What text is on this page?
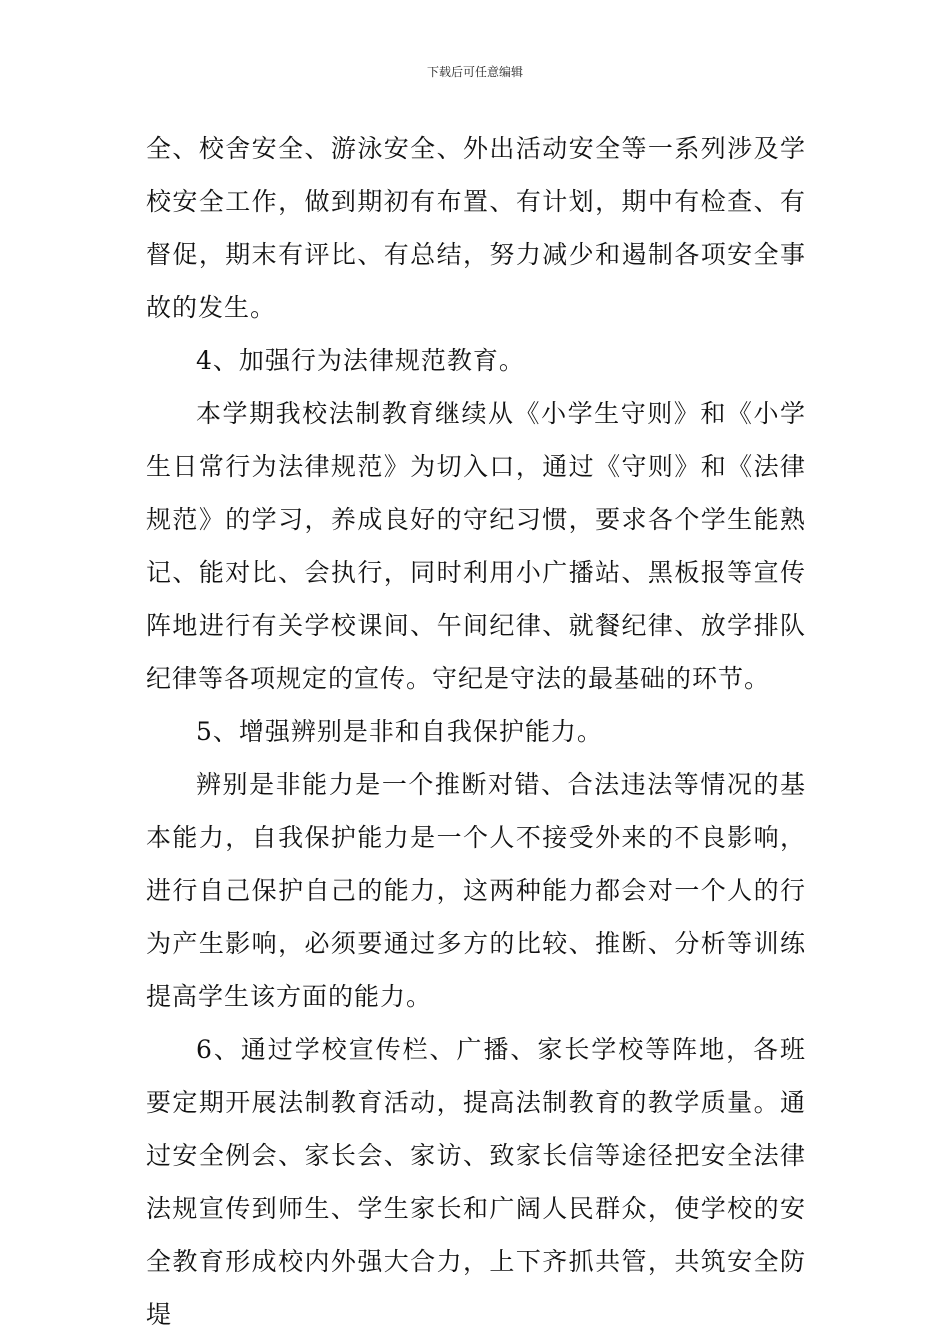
下载后可任意编辑

全、校舍安全、游泳安全、外出活动安全等一系列涉及学校安全工作，做到期初有布置、有计划，期中有检查、有督促，期末有评比、有总结，努力减少和遏制各项安全事故的发生。

4、加强行为法律规范教育。

本学期我校法制教育继续从《小学生守则》和《小学生日常行为法律规范》为切入口，通过《守则》和《法律规范》的学习，养成良好的守纪习惯，要求各个学生能熟记、能对比、会执行，同时利用小广播站、黑板报等宣传阵地进行有关学校课间、午间纪律、就餐纪律、放学排队纪律等各项规定的宣传。守纪是守法的最基础的环节。

5、增强辨别是非和自我保护能力。

辨别是非能力是一个推断对错、合法违法等情况的基本能力，自我保护能力是一个人不接受外来的不良影响，进行自己保护自己的能力，这两种能力都会对一个人的行为产生影响，必须要通过多方的比较、推断、分析等训练提高学生该方面的能力。

6、通过学校宣传栏、广播、家长学校等阵地，各班要定期开展法制教育活动，提高法制教育的教学质量。通过安全例会、家长会、家访、致家长信等途径把安全法律法规宣传到师生、学生家长和广阔人民群众，使学校的安全教育形成校内外强大合力，上下齐抓共管，共筑安全防堤
